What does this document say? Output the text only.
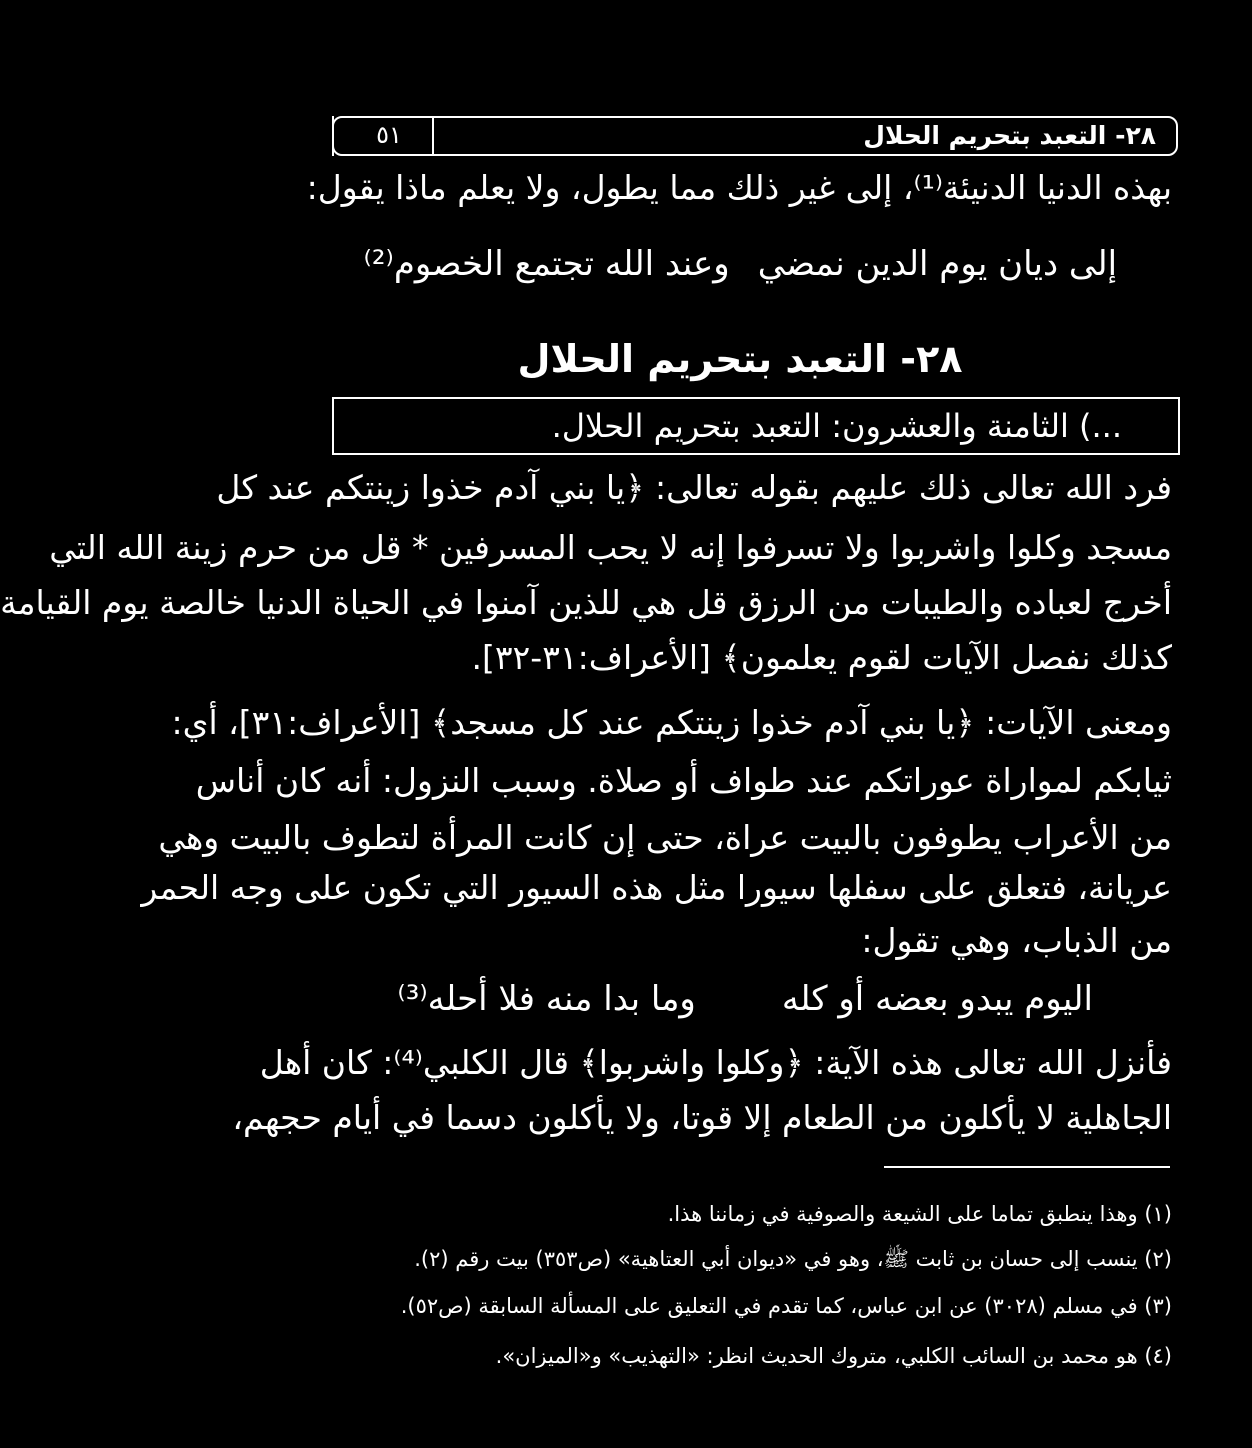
٥١	٢٨- التعبد بتحريم الحلال
بهذه الدنيا الدنيئة⁽¹⁾، إلى غير ذلك مما يطول، ولا يعلم ماذا يقول:
إلى ديان يوم الدين نمضي وعند الله تجتمع الخصوم⁽²⁾
٢٨- التعبد بتحريم الحلال
...) الثامنة والعشرون: التعبد بتحريم الحلال.
فرد الله تعالى ذلك عليهم بقوله تعالى: ﴿يا بني آدم خذوا زينتكم عند كل
مسجد وكلوا واشربوا ولا تسرفوا إنه لا يحب المسرفين * قل من حرم زينة الله التي
أخرج لعباده والطيبات من الرزق قل هي للذين آمنوا في الحياة الدنيا خالصة يوم القيامة
كذلك نفصل الآيات لقوم يعلمون﴾ [الأعراف:٣١-٣٢].
ومعنى الآيات: ﴿يا بني آدم خذوا زينتكم عند كل مسجد﴾ [الأعراف:٣١]، أي:
ثيابكم لمواراة عوراتكم عند طواف أو صلاة. وسبب النزول: أنه كان أناس
من الأعراب يطوفون بالبيت عراة، حتى إن كانت المرأة لتطوف بالبيت وهي
عريانة، فتعلق على سفلها سيورا مثل هذه السيور التي تكون على وجه الحمر
من الذباب، وهي تقول:
اليوم يبدو بعضه أو كله وما بدا منه فلا أحله⁽³⁾
فأنزل الله تعالى هذه الآية: ﴿وكلوا واشربوا﴾ قال الكلبي⁽⁴⁾: كان أهل
الجاهلية لا يأكلون من الطعام إلا قوتا، ولا يأكلون دسما في أيام حجهم،
(١) وهذا ينطبق تماما على الشيعة والصوفية في زماننا هذا.
(٢) ينسب إلى حسان بن ثابت ﷺ، وهو في «ديوان أبي العتاهية» (ص٣٥٣) بيت رقم (٢).
(٣) في مسلم (٣٠٢٨) عن ابن عباس، كما تقدم في التعليق على المسألة السابقة (ص٥٢).
(٤) هو محمد بن السائب الكلبي، متروك الحديث انظر: «التهذيب» و«الميزان».
